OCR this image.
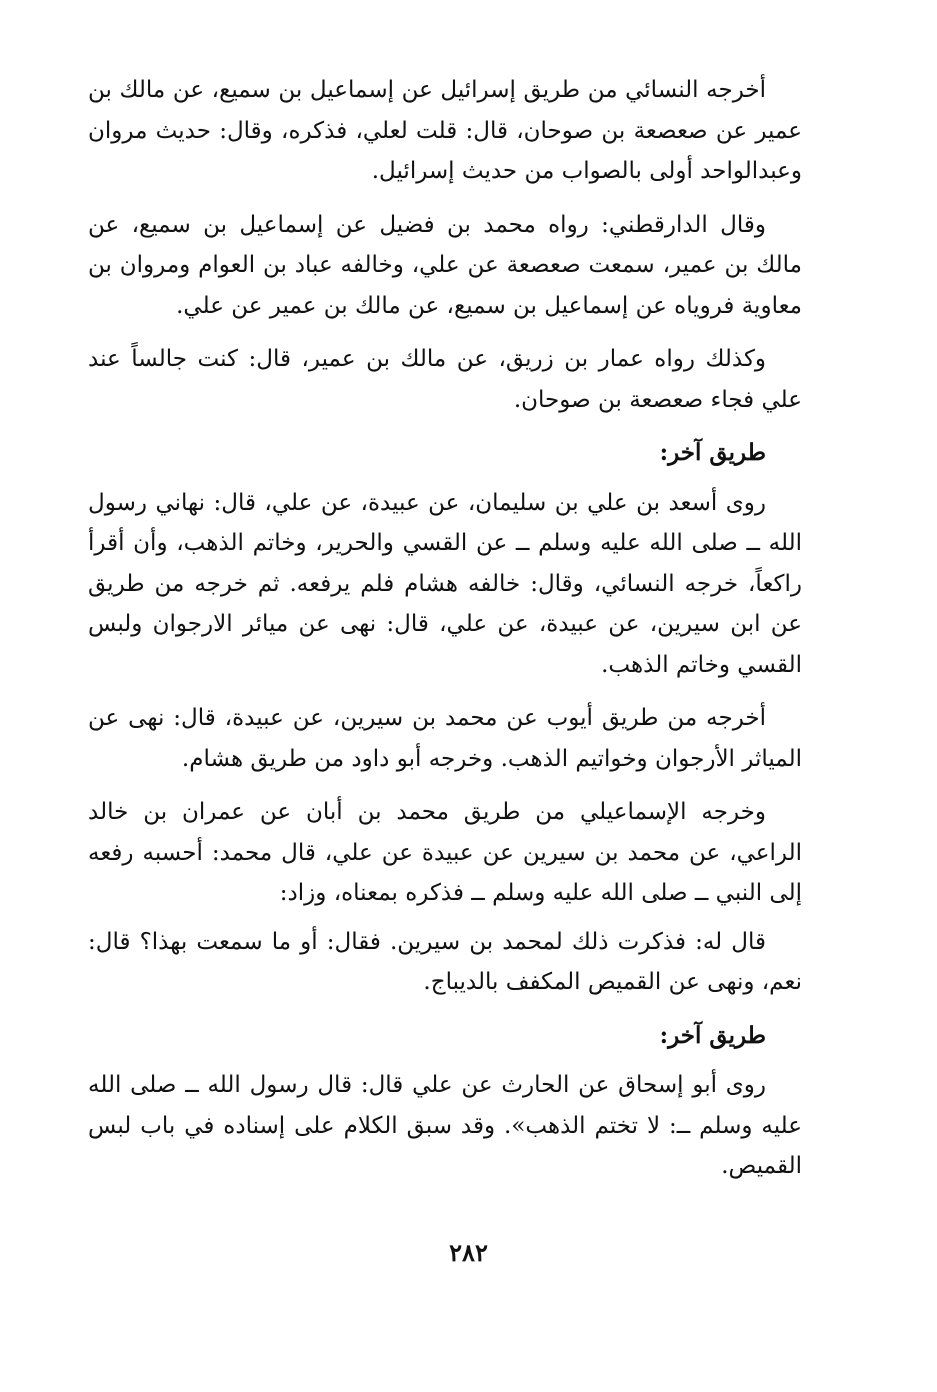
أخرجه النسائي من طريق إسرائيل عن إسماعيل بن سميع، عن مالك بن عمير عن صعصعة بن صوحان، قال: قلت لعلي، فذكره، وقال: حديث مروان وعبدالواحد أولى بالصواب من حديث إسرائيل.

وقال الدارقطني: رواه محمد بن فضيل عن إسماعيل بن سميع، عن مالك بن عمير، سمعت صعصعة عن علي، وخالفه عباد بن العوام ومروان بن معاوية فروياه عن إسماعيل بن سميع، عن مالك بن عمير عن علي.

وكذلك رواه عمار بن زريق، عن مالك بن عمير، قال: كنت جالساً عند علي فجاء صعصعة بن صوحان.

طريق آخر:

روى أسعد بن علي بن سليمان، عن عبيدة، عن علي، قال: نهاني رسول الله ــ صلى الله عليه وسلم ــ عن القسي والحرير، وخاتم الذهب، وأن أقرأ راكعاً، خرجه النسائي، وقال: خالفه هشام فلم يرفعه. ثم خرجه من طريق عن ابن سيرين، عن عبيدة، عن علي، قال: نهى عن ميائر الارجوان ولبس القسي وخاتم الذهب.

أخرجه من طريق أيوب عن محمد بن سيرين، عن عبيدة، قال: نهى عن المياثر الأرجوان وخواتيم الذهب. وخرجه أبو داود من طريق هشام.

وخرجه الإسماعيلي من طريق محمد بن أبان عن عمران بن خالد الراعي، عن محمد بن سيرين عن عبيدة عن علي، قال محمد: أحسبه رفعه إلى النبي ــ صلى الله عليه وسلم ــ فذكره بمعناه، وزاد:

قال له: فذكرت ذلك لمحمد بن سيرين. فقال: أو ما سمعت بهذا؟ قال: نعم، ونهى عن القميص المكفف بالديباج.

طريق آخر:

روى أبو إسحاق عن الحارث عن علي قال: قال رسول الله ــ صلى الله عليه وسلم ــ: لا تختم الذهب». وقد سبق الكلام على إسناده في باب لبس القميص.

٢٨٢
